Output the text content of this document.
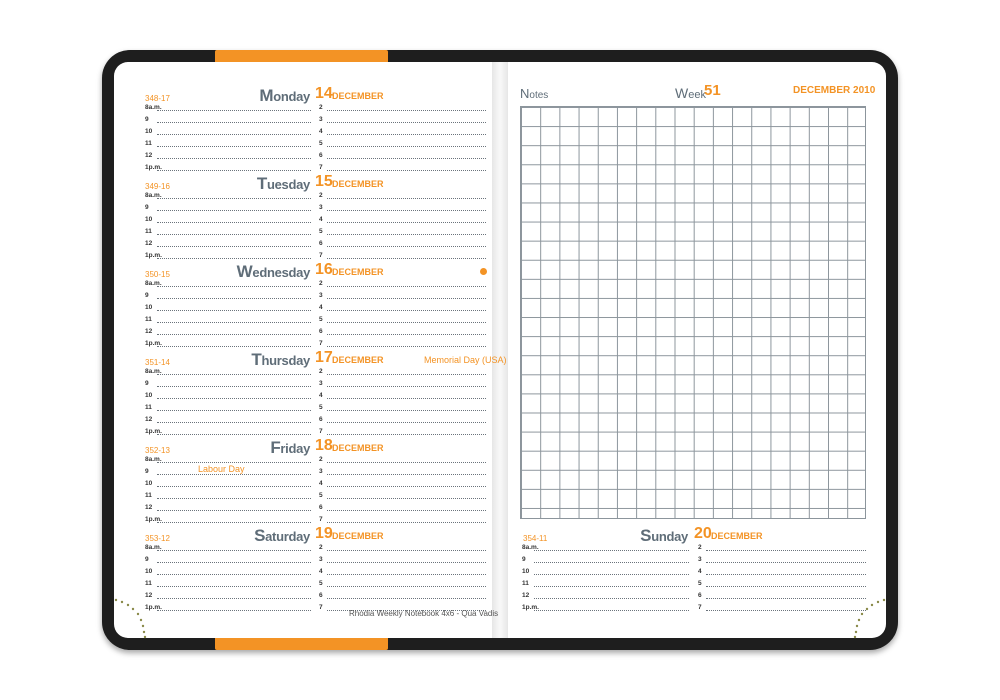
348-17	Monday 14 DECEMBER
8a.m.	2
9	3
10	4
11	5
12	6
1p.m.	7
349-16	Tuesday 15 DECEMBER
8a.m.	2
9	3
10	4
11	5
12	6
1p.m.	7
350-15	Wednesday 16 DECEMBER
8a.m.	2
9	3
10	4
11	5
12	6
1p.m.	7
351-14	Thursday 17 DECEMBER	Memorial Day (USA)
8a.m.	2
9	3
10	4
11	5
12	6
1p.m.	7
352-13	Friday 18 DECEMBER
Labour Day
8a.m.	2
9	3
10	4
11	5
12	6
1p.m.	7
353-12	Saturday 19 DECEMBER
8a.m.	2
9	3
10	4
11	5
12	6
1p.m.	7
Rhodia Weekly Notebook 4x6 - Qua Vadis
Notes	Week
51	DECEMBER 2010
354-11	Sunday 20 DECEMBER
8a.m.	2
9	3
10	4
11	5
12	6
1p.m.	7
